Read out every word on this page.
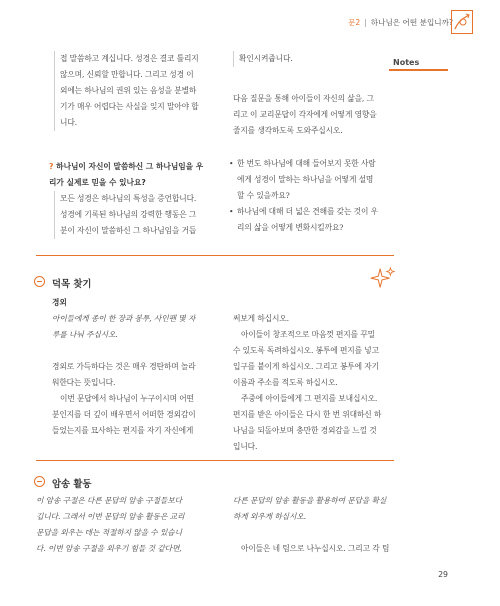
문2 | 하나님은 어떤 분입니까?
Notes

접 말씀하고 계십니다. 성경은 결코 틀리지

않으며, 신뢰할 만합니다. 그리고 성경 이

외에는 하나님의 권위 있는 음성을 분별하

기가 매우 어렵다는 사실을 잊지 말아야 합

니다.

? 하나님이 자신이 말씀하신 그 하나님임을 우

리가 실제로 믿을 수 있나요?

모든 성경은 하나님의 특성을 증언합니다.

성경에 기록된 하나님의 강력한 행동은 그

분이 자신이 말씀하신 그 하나님임을 거듭

확인시켜줍니다.

다음 질문을 통해 아이들이 자신의 삶을, 그

리고 이 교리문답이 각자에게 어떻게 영향을

줄지를 생각하도록 도와주십시오.

• 한 번도 하나님에 대해 들어보지 못한 사람

에게 성경이 말하는 하나님을 어떻게 설명

할 수 있을까요?

• 하나님에 대해 더 넓은 견해를 갖는 것이 우

리의 삶을 어떻게 변화시킬까요?

덕목 찾기

경외

아이들에게 종이 한 장과 봉투, 사인펜 몇 자

루를 나눠 주십시오.

경외로 가득하다는 것은 매우 경탄하며 놀라

워한다는 뜻입니다.

이번 문답에서 하나님이 누구이시며 어떤

분인지를 더 깊이 배우면서 어떠한 경외감이

들었는지를 묘사하는 편지를 자기 자신에게

써보게 하십시오.

아이들이 창조적으로 마음껏 편지를 꾸밀

수 있도록 독려하십시오. 봉투에 편지를 넣고

입구를 붙이게 하십시오. 그리고 봉투에 자기

이름과 주소를 적도록 하십시오.

주중에 아이들에게 그 편지를 보내십시오.

편지를 받은 아이들은 다시 한 번 위대하신 하

나님을 되돌아보며 충만한 경외감을 느낄 것

입니다.

암송 활동

이 암송 구절은 다른 문답의 암송 구절들보다

깁니다. 그래서 이번 문답의 암송 활동은 교리

문답을 외우는 데는 적절하지 않을 수 있습니

다. 이번 암송 구절을 외우기 힘들 것 같다면,

다른 문답의 암송 활동을 활용하여 문답을 확실

하게 외우게 하십시오.

아이들은 네 팀으로 나누십시오. 그리고 각 팀

29
